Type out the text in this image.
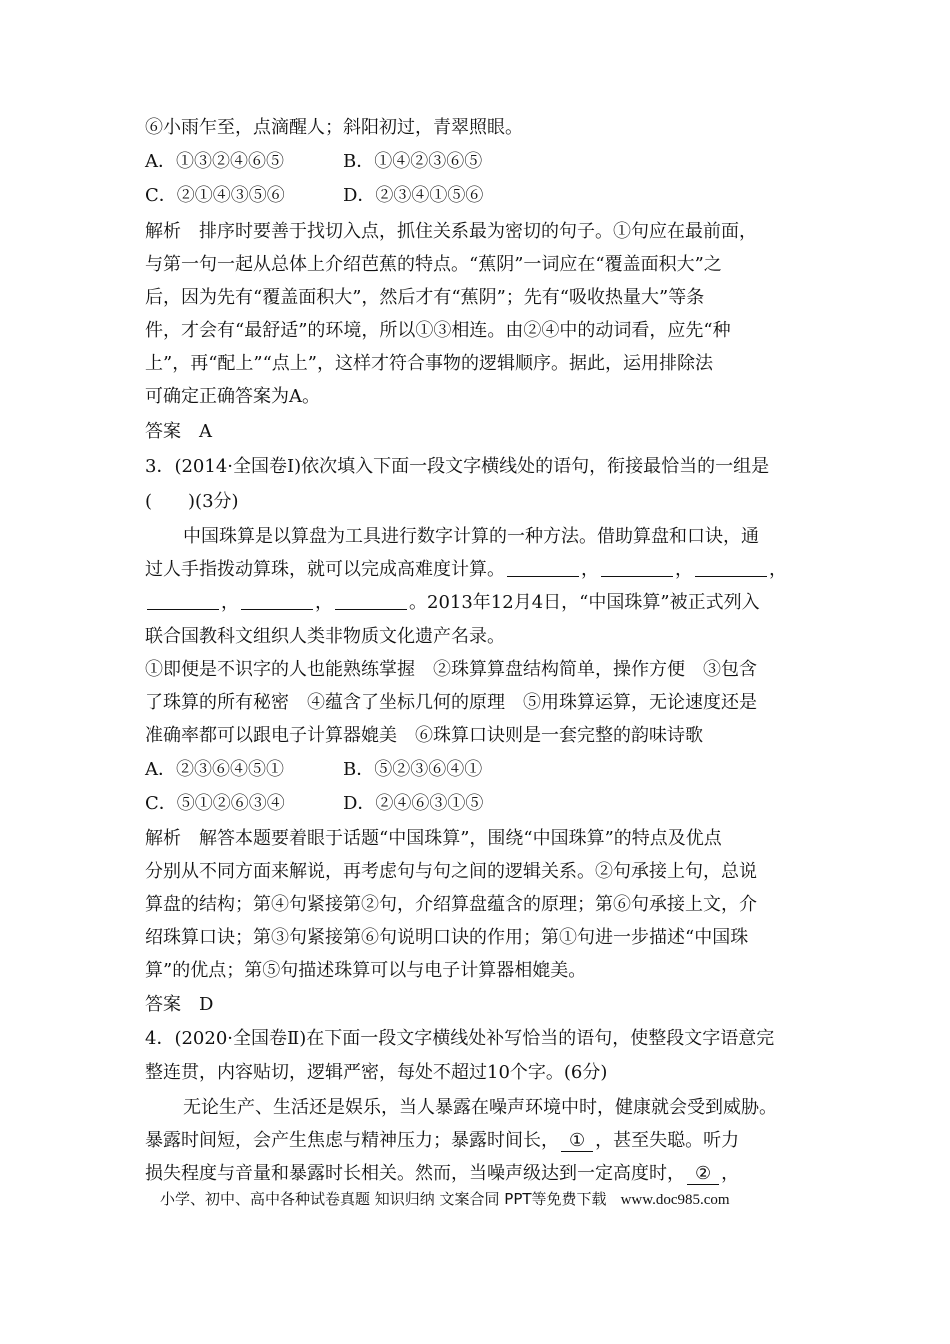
⑥小雨乍至，点滴醒人；斜阳初过，青翠照眼。
A．①③②④⑥⑤	B．①④②③⑥⑤
C．②①④③⑤⑥	D．②③④①⑤⑥
解析　排序时要善于找切入点，抓住关系最为密切的句子。①句应在最前面，
与第一句一起从总体上介绍芭蕉的特点。“蕉阴”一词应在“覆盖面积大”之
后，因为先有“覆盖面积大”，然后才有“蕉阴”；先有“吸收热量大”等条
件，才会有“最舒适”的环境，所以①③相连。由②④中的动词看，应先“种
上”，再“配上”“点上”，这样才符合事物的逻辑顺序。据此，运用排除法
可确定正确答案为A。
答案　A
3．(2014·全国卷Ⅰ)依次填入下面一段文字横线处的语句，衔接最恰当的一组是
(　　)(3分)
中国珠算是以算盘为工具进行数字计算的一种方法。借助算盘和口诀，通
过人手指拨动算珠，就可以完成高难度计算。	，	，	，
，	，	。2013年12月4日，“中国珠算”被正式列入
联合国教科文组织人类非物质文化遗产名录。
①即便是不识字的人也能熟练掌握　②珠算算盘结构简单，操作方便　③包含
了珠算的所有秘密　④蕴含了坐标几何的原理　⑤用珠算运算，无论速度还是
准确率都可以跟电子计算器媲美　⑥珠算口诀则是一套完整的韵味诗歌
A．②③⑥④⑤①	B．⑤②③⑥④①
C．⑤①②⑥③④	D．②④⑥③①⑤
解析　解答本题要着眼于话题“中国珠算”，围绕“中国珠算”的特点及优点
分别从不同方面来解说，再考虑句与句之间的逻辑关系。②句承接上句，总说
算盘的结构；第④句紧接第②句，介绍算盘蕴含的原理；第⑥句承接上文，介
绍珠算口诀；第③句紧接第⑥句说明口诀的作用；第①句进一步描述“中国珠
算”的优点；第⑤句描述珠算可以与电子计算器相媲美。
答案　D
4．(2020·全国卷Ⅱ)在下面一段文字横线处补写恰当的语句，使整段文字语意完
整连贯，内容贴切，逻辑严密，每处不超过10个字。(6分)
无论生产、生活还是娱乐，当人暴露在噪声环境中时，健康就会受到威胁。
暴露时间短，会产生焦虑与精神压力；暴露时间长， ① ，甚至失聪。听力
损失程度与音量和暴露时长相关。然而，当噪声级达到一定高度时， ② ，
小学、初中、高中各种试卷真题 知识归纳 文案合同 PPT等免费下载 www.doc985.com
